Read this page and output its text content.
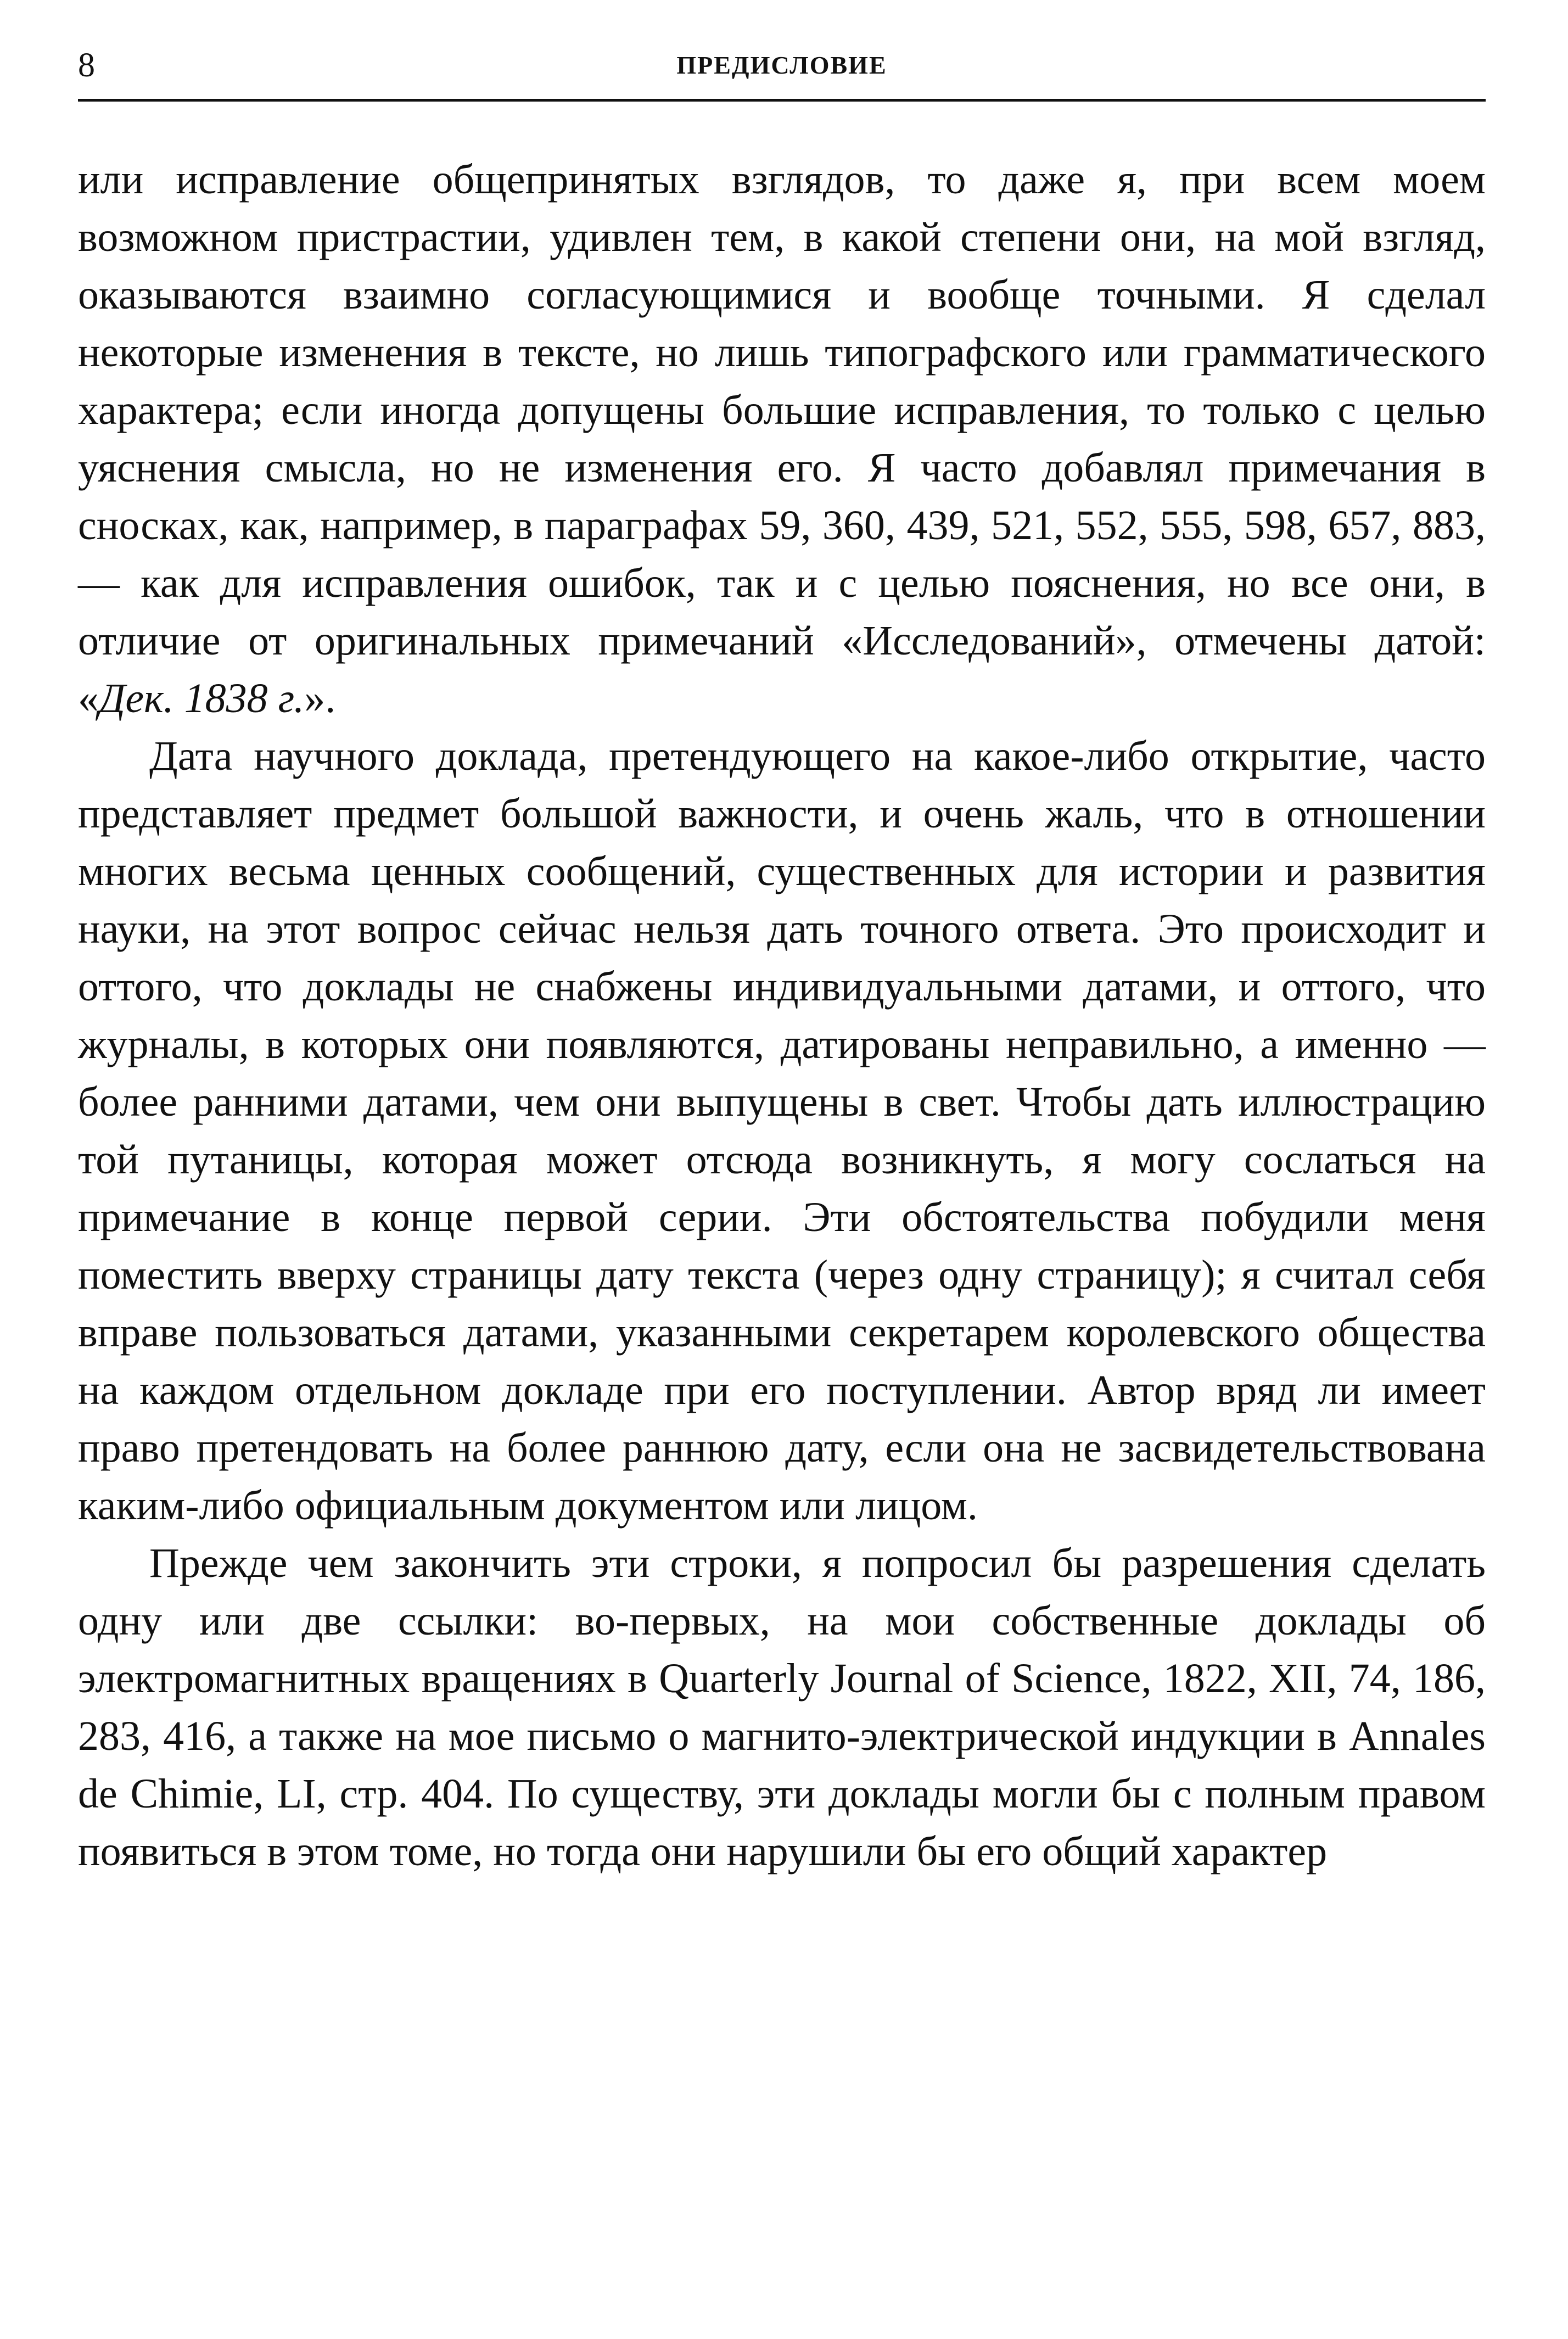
8	ПРЕДИСЛОВИЕ

или исправление общепринятых взглядов, то даже я, при всем моем возможном пристрастии, удивлен тем, в какой степени они, на мой взгляд, оказываются взаимно согласующимися и вообще точными. Я сделал некоторые изменения в тексте, но лишь типографского или грамматического характера; если иногда допущены большие исправления, то только с целью уяснения смысла, но не изменения его. Я часто добавлял примечания в сносках, как, например, в параграфах 59, 360, 439, 521, 552, 555, 598, 657, 883, — как для исправления ошибок, так и с целью пояснения, но все они, в отличие от оригинальных примечаний «Исследований», отмечены датой: «Дек. 1838 г.».

Дата научного доклада, претендующего на какое-либо открытие, часто представляет предмет большой важности, и очень жаль, что в отношении многих весьма ценных сообщений, существенных для истории и развития науки, на этот вопрос сейчас нельзя дать точного ответа. Это происходит и оттого, что доклады не снабжены индивидуальными датами, и оттого, что журналы, в которых они появляются, датированы неправильно, а именно — более ранними датами, чем они выпущены в свет. Чтобы дать иллюстрацию той путаницы, которая может отсюда возникнуть, я могу сослаться на примечание в конце первой серии. Эти обстоятельства побудили меня поместить вверху страницы дату текста (через одну страницу); я считал себя вправе пользоваться датами, указанными секретарем королевского общества на каждом отдельном докладе при его поступлении. Автор вряд ли имеет право претендовать на более раннюю дату, если она не засвидетельствована каким-либо официальным документом или лицом.

Прежде чем закончить эти строки, я попросил бы разрешения сделать одну или две ссылки: во-первых, на мои собственные доклады об электромагнитных вращениях в Quarterly Journal of Science, 1822, XII, 74, 186, 283, 416, а также на мое письмо о магнито-электрической индукции в Annales de Chimie, LI, стр. 404. По существу, эти доклады могли бы с полным правом появиться в этом томе, но тогда они нарушили бы его общий характер
